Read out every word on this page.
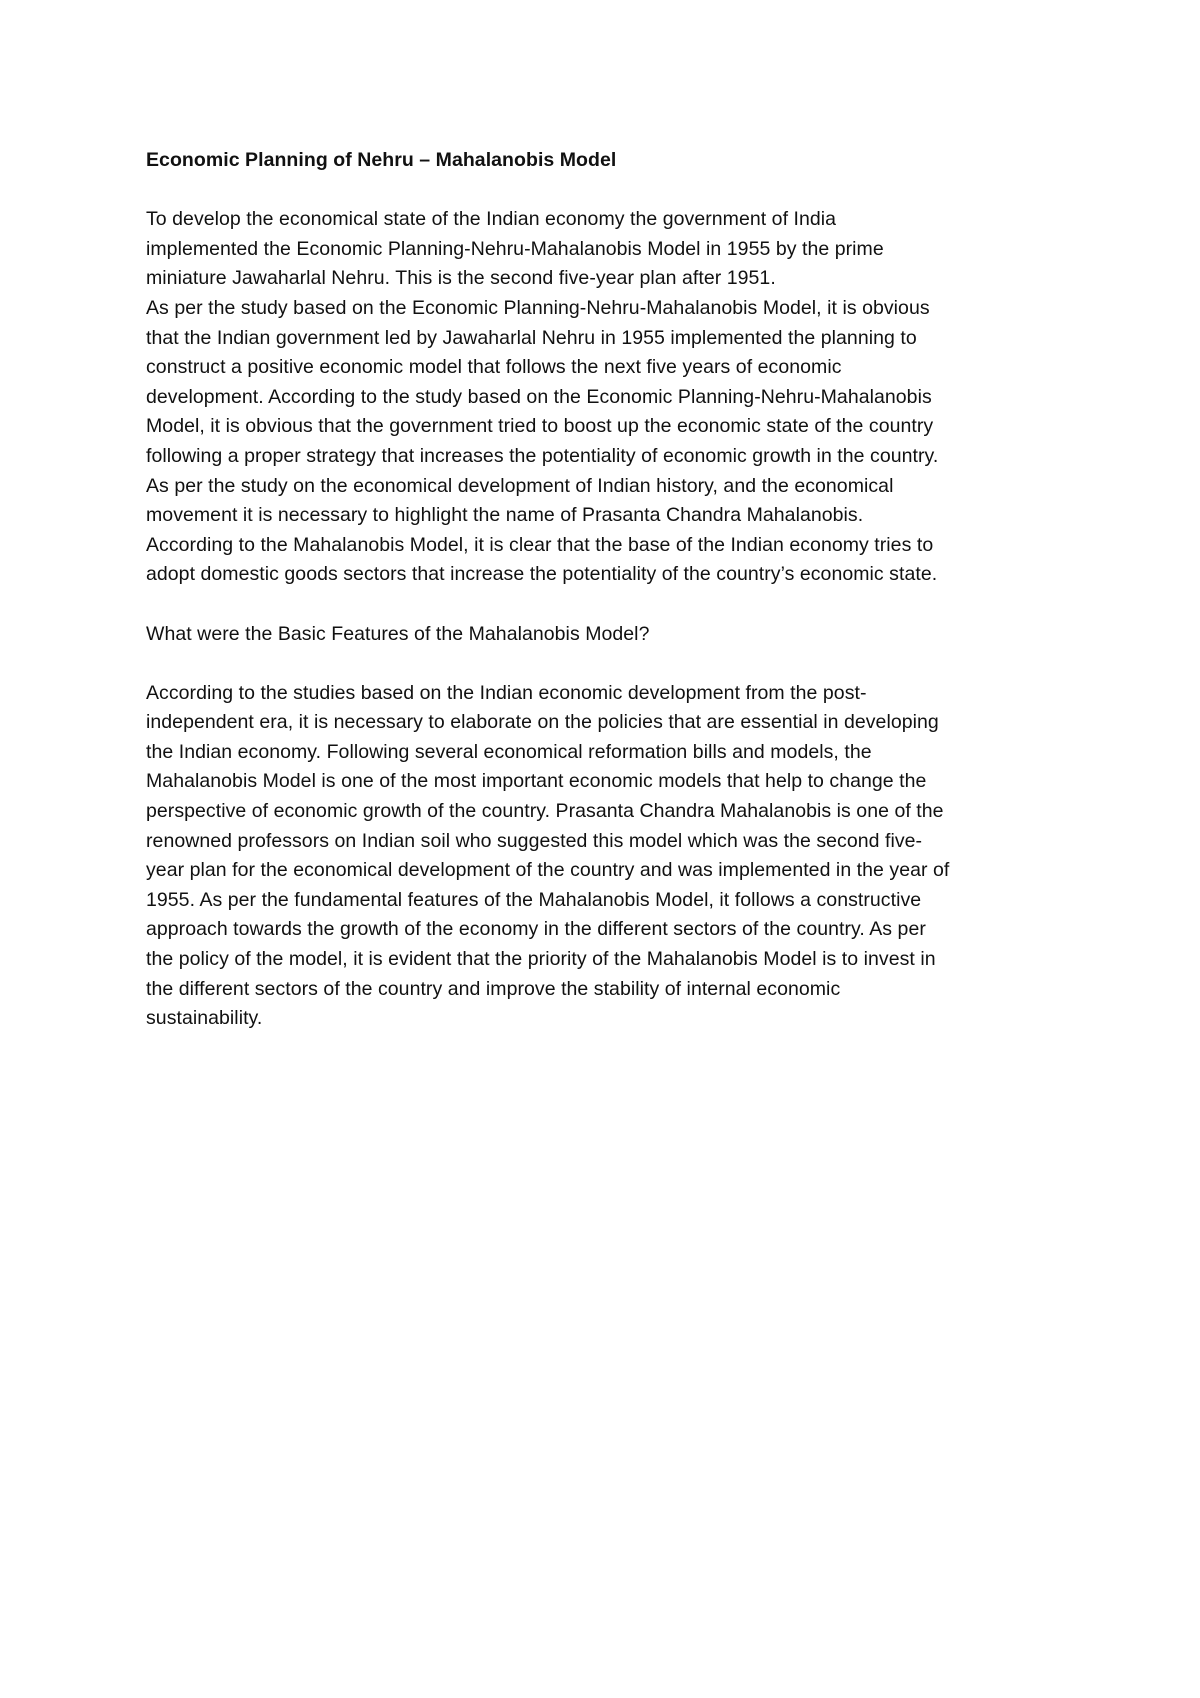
Economic Planning of Nehru – Mahalanobis Model
To develop the economical state of the Indian economy the government of India
implemented the Economic Planning-Nehru-Mahalanobis Model in 1955 by the prime
miniature Jawaharlal Nehru. This is the second five-year plan after 1951.
As per the study based on the Economic Planning-Nehru-Mahalanobis Model, it is obvious
that the Indian government led by Jawaharlal Nehru in 1955 implemented the planning to
construct a positive economic model that follows the next five years of economic
development. According to the study based on the Economic Planning-Nehru-Mahalanobis
Model, it is obvious that the government tried to boost up the economic state of the country
following a proper strategy that increases the potentiality of economic growth in the country.
As per the study on the economical development of Indian history, and the economical
movement it is necessary to highlight the name of Prasanta Chandra Mahalanobis.
According to the Mahalanobis Model, it is clear that the base of the Indian economy tries to
adopt domestic goods sectors that increase the potentiality of the country’s economic state.
What were the Basic Features of the Mahalanobis Model?
According to the studies based on the Indian economic development from the post-
independent era, it is necessary to elaborate on the policies that are essential in developing
the Indian economy. Following several economical reformation bills and models, the
Mahalanobis Model is one of the most important economic models that help to change the
perspective of economic growth of the country. Prasanta Chandra Mahalanobis is one of the
renowned professors on Indian soil who suggested this model which was the second five-
year plan for the economical development of the country and was implemented in the year of
1955. As per the fundamental features of the Mahalanobis Model, it follows a constructive
approach towards the growth of the economy in the different sectors of the country. As per
the policy of the model, it is evident that the priority of the Mahalanobis Model is to invest in
the different sectors of the country and improve the stability of internal economic
sustainability.
